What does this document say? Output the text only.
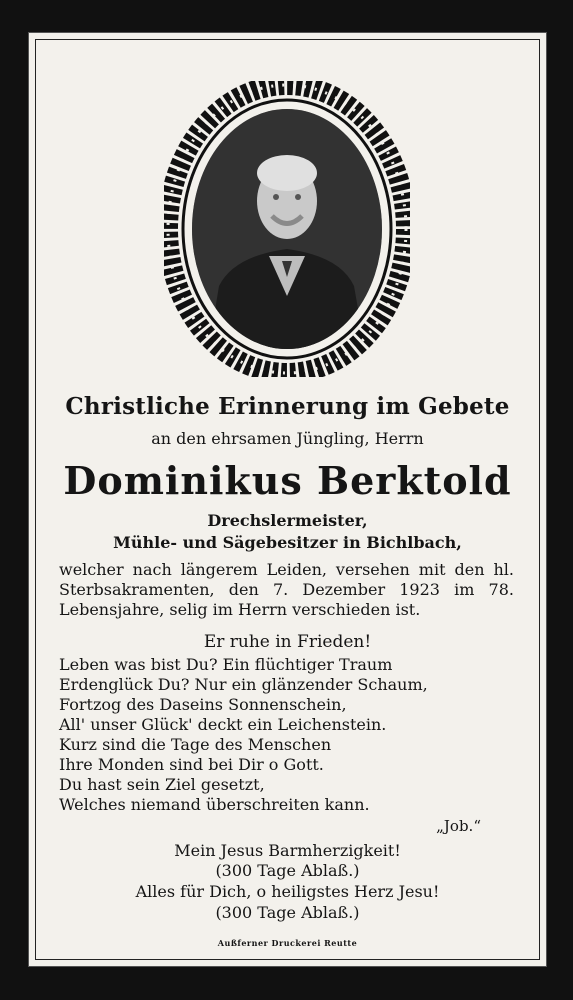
Christliche Erinnerung im Gebete
an den ehrsamen Jüngling, Herrn
Dominikus Berktold
Drechslermeister,
Mühle- und Sägebesitzer in Bichlbach,
welcher nach längerem Leiden, versehen mit den hl. Sterbsakramenten, den 7. Dezember 1923 im 78. Lebensjahre, selig im Herrn verschieden ist.
Er ruhe in Frieden!
Leben was bist Du? Ein flüchtiger Traum
Erdenglück Du? Nur ein glänzender Schaum,
Fortzog des Daseins Sonnenschein,
All' unser Glück' deckt ein Leichenstein.
Kurz sind die Tage des Menschen
Ihre Monden sind bei Dir o Gott.
Du hast sein Ziel gesetzt,
Welches niemand überschreiten kann.
„Job.“
Mein Jesus Barmherzigkeit!
(300 Tage Ablaß.)
Alles für Dich, o heiligstes Herz Jesu!
(300 Tage Ablaß.)
Außferner Druckerei Reutte
